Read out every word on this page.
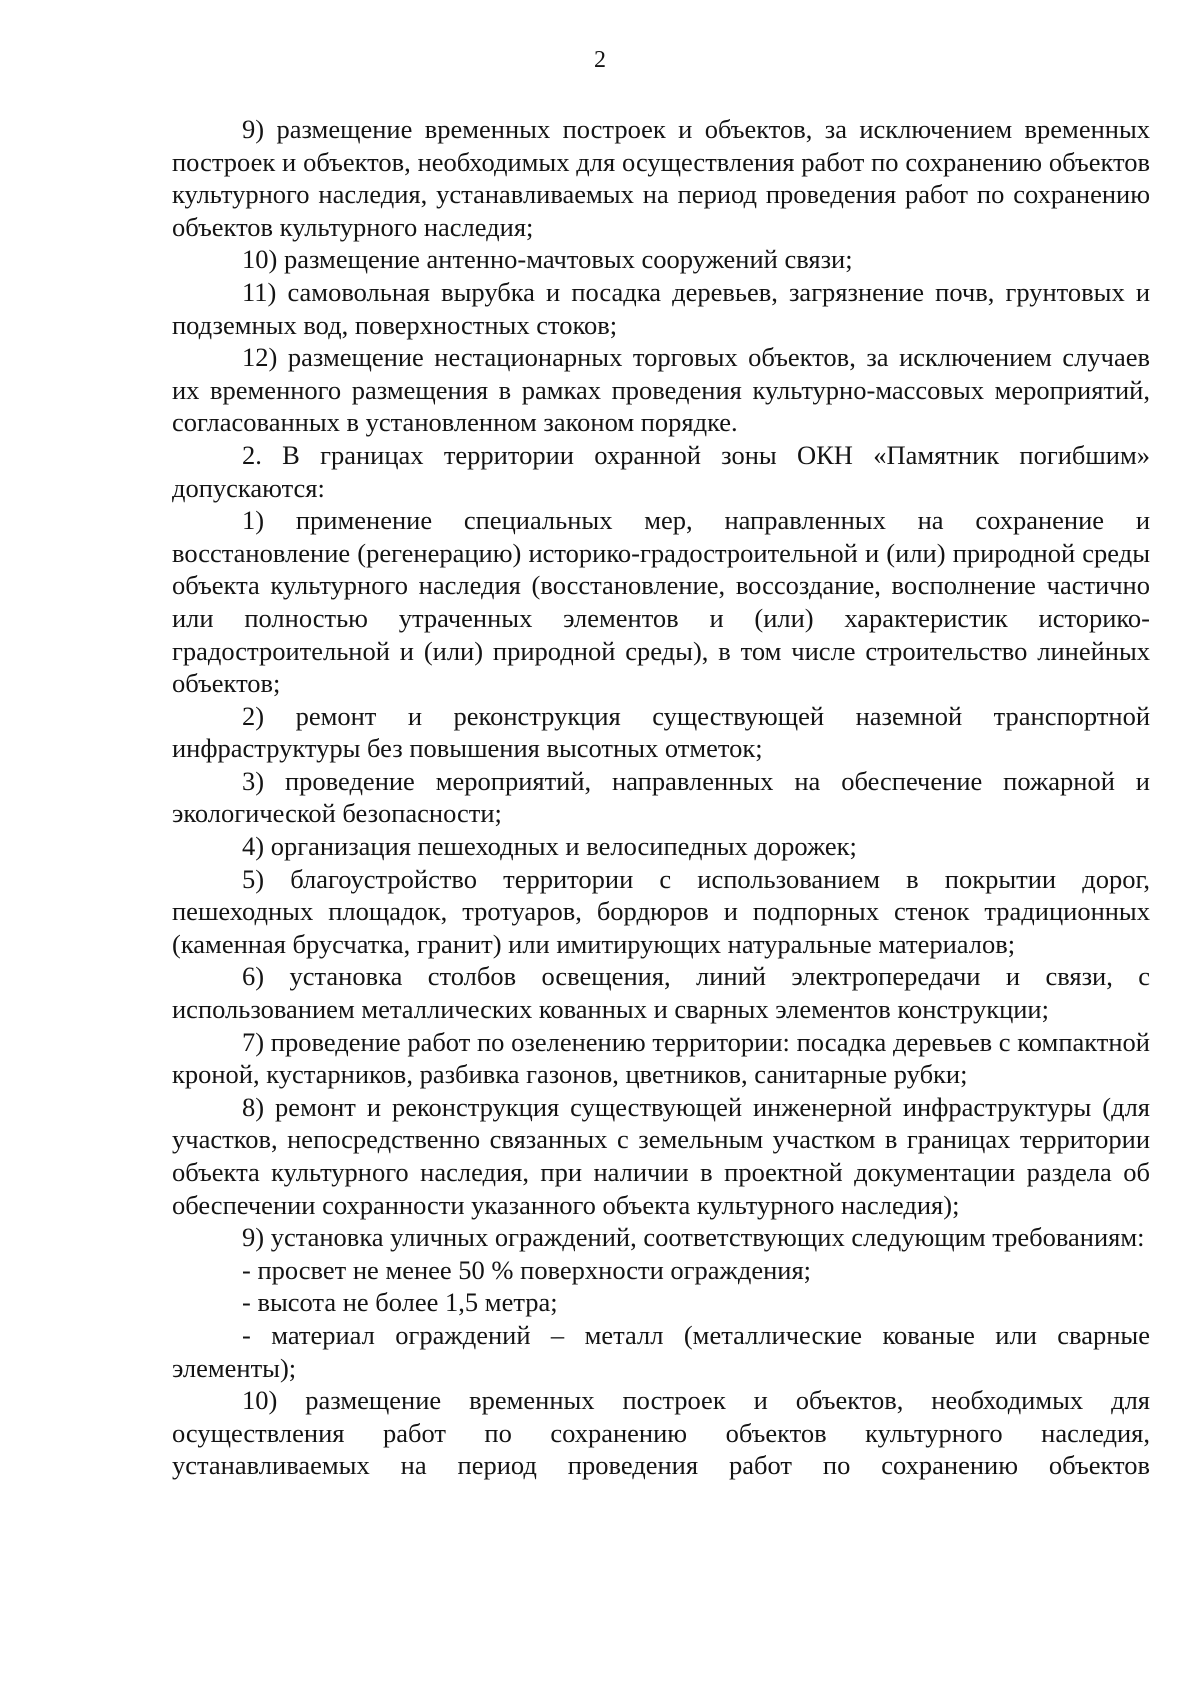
2

9) размещение временных построек и объектов, за исключением временных построек и объектов, необходимых для осуществления работ по сохранению объектов культурного наследия, устанавливаемых на период проведения работ по сохранению объектов культурного наследия;

10) размещение антенно-мачтовых сооружений связи;

11) самовольная вырубка и посадка деревьев, загрязнение почв, грунтовых и подземных вод, поверхностных стоков;

12) размещение нестационарных торговых объектов, за исключением случаев их временного размещения в рамках проведения культурно-массовых мероприятий, согласованных в установленном законом порядке.

2. В границах территории охранной зоны ОКН «Памятник погибшим» допускаются:

1) применение специальных мер, направленных на сохранение и восстановление (регенерацию) историко-градостроительной и (или) природной среды объекта культурного наследия (восстановление, воссоздание, восполнение частично или полностью утраченных элементов и (или) характеристик историко-градостроительной и (или) природной среды), в том числе строительство линейных объектов;

2) ремонт и реконструкция существующей наземной транспортной инфраструктуры без повышения высотных отметок;

3) проведение мероприятий, направленных на обеспечение пожарной и экологической безопасности;

4) организация пешеходных и велосипедных дорожек;

5) благоустройство территории с использованием в покрытии дорог, пешеходных площадок, тротуаров, бордюров и подпорных стенок традиционных (каменная брусчатка, гранит) или имитирующих натуральные материалов;

6) установка столбов освещения, линий электропередачи и связи, с использованием металлических кованных и сварных элементов конструкции;

7) проведение работ по озеленению территории: посадка деревьев с компактной кроной, кустарников, разбивка газонов, цветников, санитарные рубки;

8) ремонт и реконструкция существующей инженерной инфраструктуры (для участков, непосредственно связанных с земельным участком в границах территории объекта культурного наследия, при наличии в проектной документации раздела об обеспечении сохранности указанного объекта культурного наследия);

9) установка уличных ограждений, соответствующих следующим требованиям:

- просвет не менее 50 % поверхности ограждения;

- высота не более 1,5 метра;

- материал ограждений – металл (металлические кованые или сварные элементы);

10) размещение временных построек и объектов, необходимых для осуществления работ по сохранению объектов культурного наследия, устанавливаемых на период проведения работ по сохранению объектов
